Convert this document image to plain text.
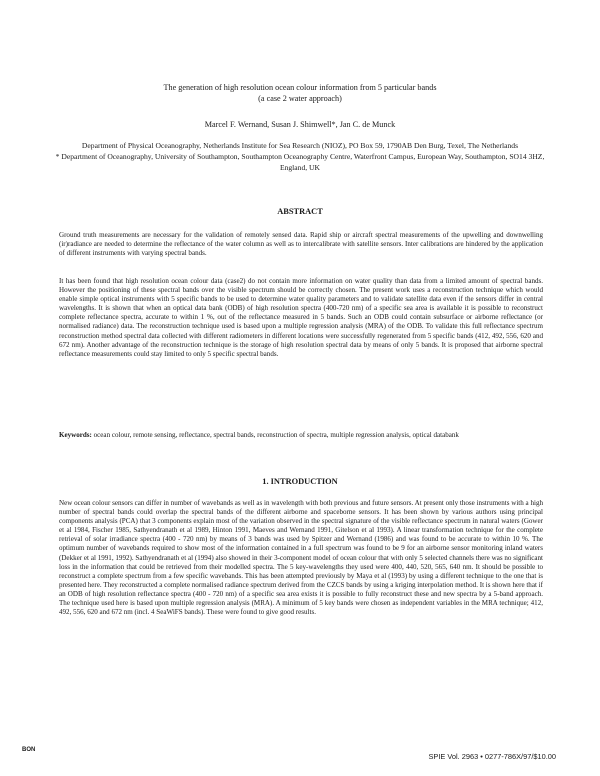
The generation of high resolution ocean colour information from 5 particular bands
(a case 2 water approach)
Marcel F. Wernand, Susan J. Shimwell*, Jan C. de Munck

Department of Physical Oceanography, Netherlands Institute for Sea Research (NIOZ), PO Box 59, 1790AB Den Burg, Texel, The Netherlands

* Department of Oceanography, University of Southampton, Southampton Oceanography Centre, Waterfront Campus, European Way, Southampton, SO14 3HZ, England, UK

ABSTRACT

Ground truth measurements are necessary for the validation of remotely sensed data. Rapid ship or aircraft spectral measurements of the upwelling and downwelling (ir)radiance are needed to determine the reflectance of the water column as well as to intercalibrate with satellite sensors. Inter calibrations are hindered by the application of different instruments with varying spectral bands.

It has been found that high resolution ocean colour data (case2) do not contain more information on water quality than data from a limited amount of spectral bands. However the positioning of these spectral bands over the visible spectrum should be correctly chosen. The present work uses a reconstruction technique which would enable simple optical instruments with 5 specific bands to be used to determine water quality parameters and to validate satellite data even if the sensors differ in central wavelengths. It is shown that when an optical data bank (ODB) of high resolution spectra (400-720 nm) of a specific sea area is available it is possible to reconstruct complete reflectance spectra, accurate to within 1 %, out of the reflectance measured in 5 bands. Such an ODB could contain subsurface or airborne reflectance (or normalised radiance) data. The reconstruction technique used is based upon a multiple regression analysis (MRA) of the ODB. To validate this full reflectance spectrum reconstruction method spectral data collected with different radiometers in different locations were successfully regenerated from 5 specific bands (412, 492, 556, 620 and 672 nm). Another advantage of the reconstruction technique is the storage of high resolution spectral data by means of only 5 bands. It is proposed that airborne spectral reflectance measurements could stay limited to only 5 specific spectral bands.

Keywords: ocean colour, remote sensing, reflectance, spectral bands, reconstruction of spectra, multiple regression analysis, optical databank

1. INTRODUCTION

New ocean colour sensors can differ in number of wavebands as well as in wavelength with both previous and future sensors. At present only those instruments with a high number of spectral bands could overlap the spectral bands of the different airborne and spaceborne sensors. It has been shown by various authors using principal components analysis (PCA) that 3 components explain most of the variation observed in the spectral signature of the visible reflectance spectrum in natural waters (Gower et al 1984, Fischer 1985, Sathyendranath et al 1989, Hinton 1991, Maeves and Wernand 1991, Gitelson et al 1993). A linear transformation technique for the complete retrieval of solar irradiance spectra (400 - 720 nm) by means of 3 bands was used by Spitzer and Wernand (1986) and was found to be accurate to within 10 %. The optimum number of wavebands required to show most of the information contained in a full spectrum was found to be 9 for an airborne sensor monitoring inland waters (Dekker et al 1991, 1992). Sathyendranath et al (1994) also showed in their 3-component model of ocean colour that with only 5 selected channels there was no significant loss in the information that could be retrieved from their modelled spectra. The 5 key-wavelengths they used were 400, 440, 520, 565, 640 nm. It should be possible to reconstruct a complete spectrum from a few specific wavebands. This has been attempted previously by Maya et al (1993) by using a different technique to the one that is presented here. They reconstructed a complete normalised radiance spectrum derived from the CZCS bands by using a kriging interpolation method. It is shown here that if an ODB of high resolution reflectance spectra (400 - 720 nm) of a specific sea area exists it is possible to fully reconstruct these and new spectra by a 5-band approach. The technique used here is based upon multiple regression analysis (MRA). A minimum of 5 key bands were chosen as independent variables in the MRA technique; 412, 492, 556, 620 and 672 nm (incl. 4 SeaWiFS bands). These were found to give good results.

BON
SPIE Vol. 2963 • 0277-786X/97/$10.00
